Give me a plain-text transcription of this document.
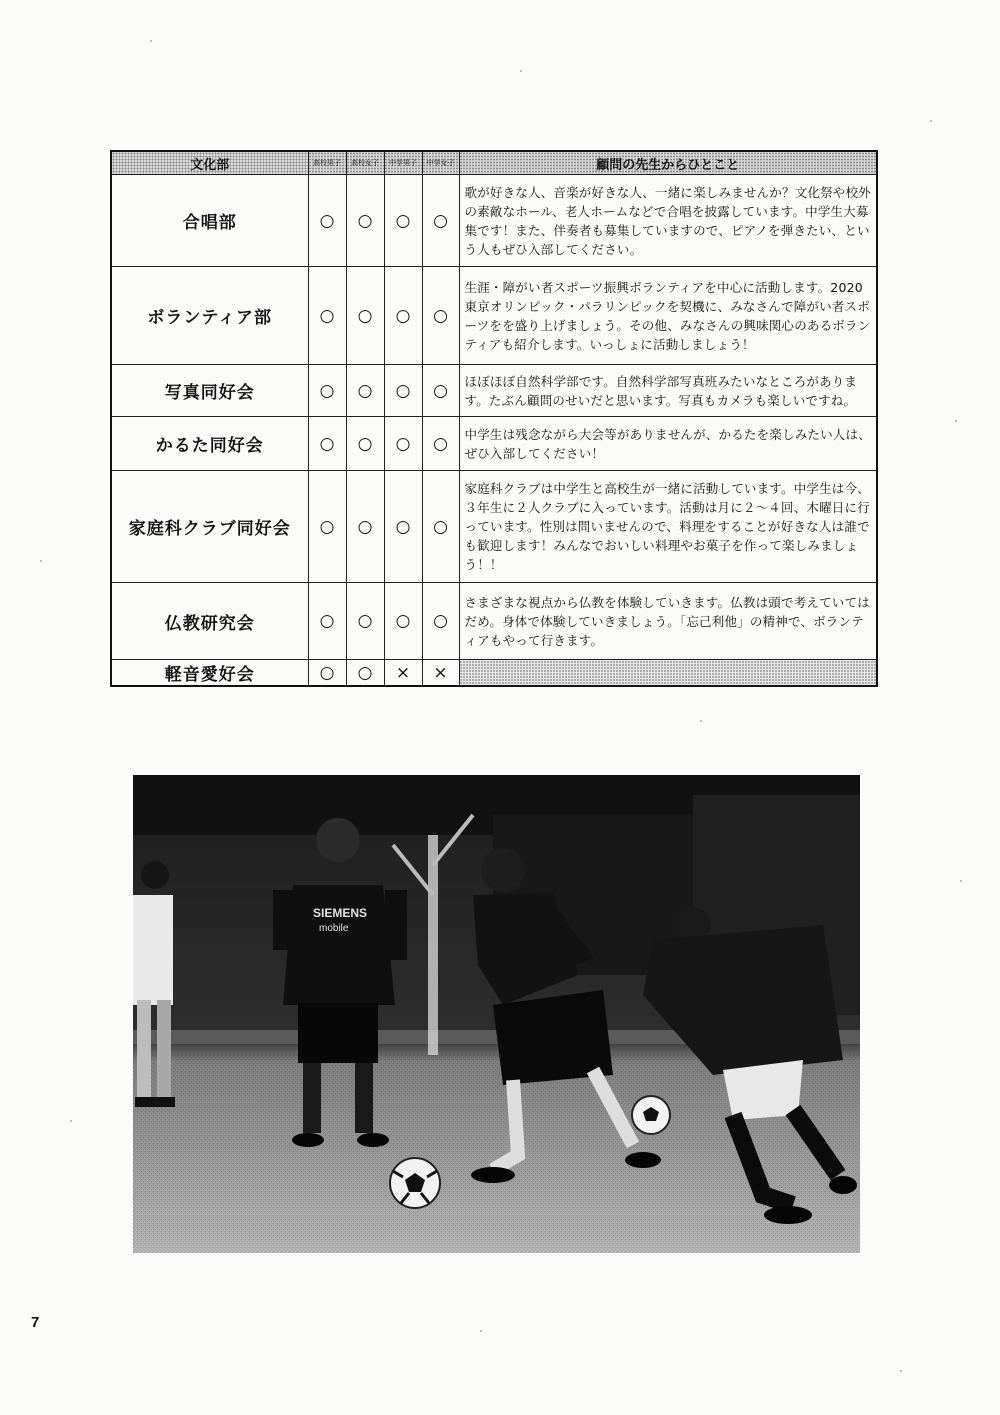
文化部	高校男子	高校女子	中学男子	中学女子	顧問の先生からひとこと
合唱部	○	○	○	○	歌が好きな人、音楽が好きな人、一緒に楽しみませんか？文化祭や校外の素敵なホール、老人ホームなどで合唱を披露しています。中学生大募集です！また、伴奏者も募集していますので、ピアノを弾きたい、という人もぜひ入部してください。
ボランティア部	○	○	○	○	生涯・障がい者スポーツ振興ボランティアを中心に活動します。2020東京オリンピック・パラリンピックを契機に、みなさんで障がい者スポーツをを盛り上げましょう。その他、みなさんの興味関心のあるボランティアも紹介します。いっしょに活動しましょう！
写真同好会	○	○	○	○	ほぼほぼ自然科学部です。自然科学部写真班みたいなところがあります。たぶん顧問のせいだと思います。写真もカメラも楽しいですね。
かるた同好会	○	○	○	○	中学生は残念ながら大会等がありませんが、かるたを楽しみたい人は、ぜひ入部してください！
家庭科クラブ同好会	○	○	○	○	家庭科クラブは中学生と高校生が一緒に活動しています。中学生は今、３年生に２人クラブに入っています。活動は月に２～４回、木曜日に行っています。性別は問いませんので、料理をすることが好きな人は誰でも歓迎します！みんなでおいしい料理やお菓子を作って楽しみましょう！！
仏教研究会	○	○	○	○	さまざまな視点から仏教を体験していきます。仏教は頭で考えていてはだめ。身体で体験していきましょう。「忘己利他」の精神で、ボランティアもやって行きます。
軽音愛好会	○	○	×	×	
SIEMENS
mobile
7
